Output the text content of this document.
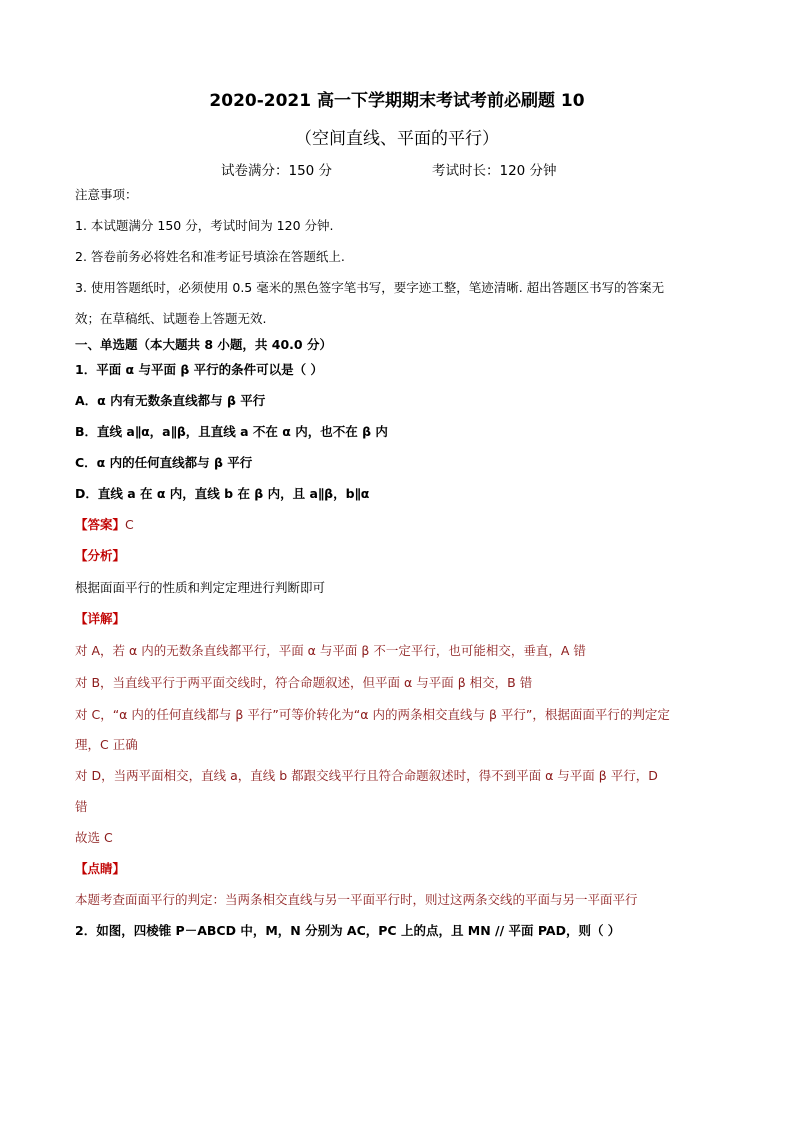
2020-2021 高一下学期期末考试考前必刷题 10
（空间直线、平面的平行）
试卷满分：150 分	考试时长：120 分钟
注意事项：
1. 本试题满分 150 分，考试时间为 120 分钟.
2. 答卷前务必将姓名和准考证号填涂在答题纸上.
3. 使用答题纸时，必须使用 0.5 毫米的黑色签字笔书写，要字迹工整，笔迹清晰. 超出答题区书写的答案无
效；在草稿纸、试题卷上答题无效.
一、单选题（本大题共 8 小题，共 40.0 分）
1．平面 α 与平面 β 平行的条件可以是（ ）
A．α 内有无数条直线都与 β 平行
B．直线 a∥α，a∥β，且直线 a 不在 α 内，也不在 β 内
C．α 内的任何直线都与 β 平行
D．直线 a 在 α 内，直线 b 在 β 内，且 a∥β，b∥α
【答案】C
【分析】
根据面面平行的性质和判定定理进行判断即可
【详解】
对 A，若 α 内的无数条直线都平行，平面 α 与平面 β 不一定平行，也可能相交，垂直，A 错
对 B，当直线平行于两平面交线时，符合命题叙述，但平面 α 与平面 β 相交，B 错
对 C，“α 内的任何直线都与 β 平行”可等价转化为“α 内的两条相交直线与 β 平行”，根据面面平行的判定定
理，C 正确
对 D，当两平面相交，直线 a，直线 b 都跟交线平行且符合命题叙述时，得不到平面 α 与平面 β 平行，D
错
故选 C
【点睛】
本题考查面面平行的判定：当两条相交直线与另一平面平行时，则过这两条交线的平面与另一平面平行
2．如图，四棱锥 P－ABCD 中，M，N 分别为 AC，PC 上的点，且 MN // 平面 PAD，则（ ）
